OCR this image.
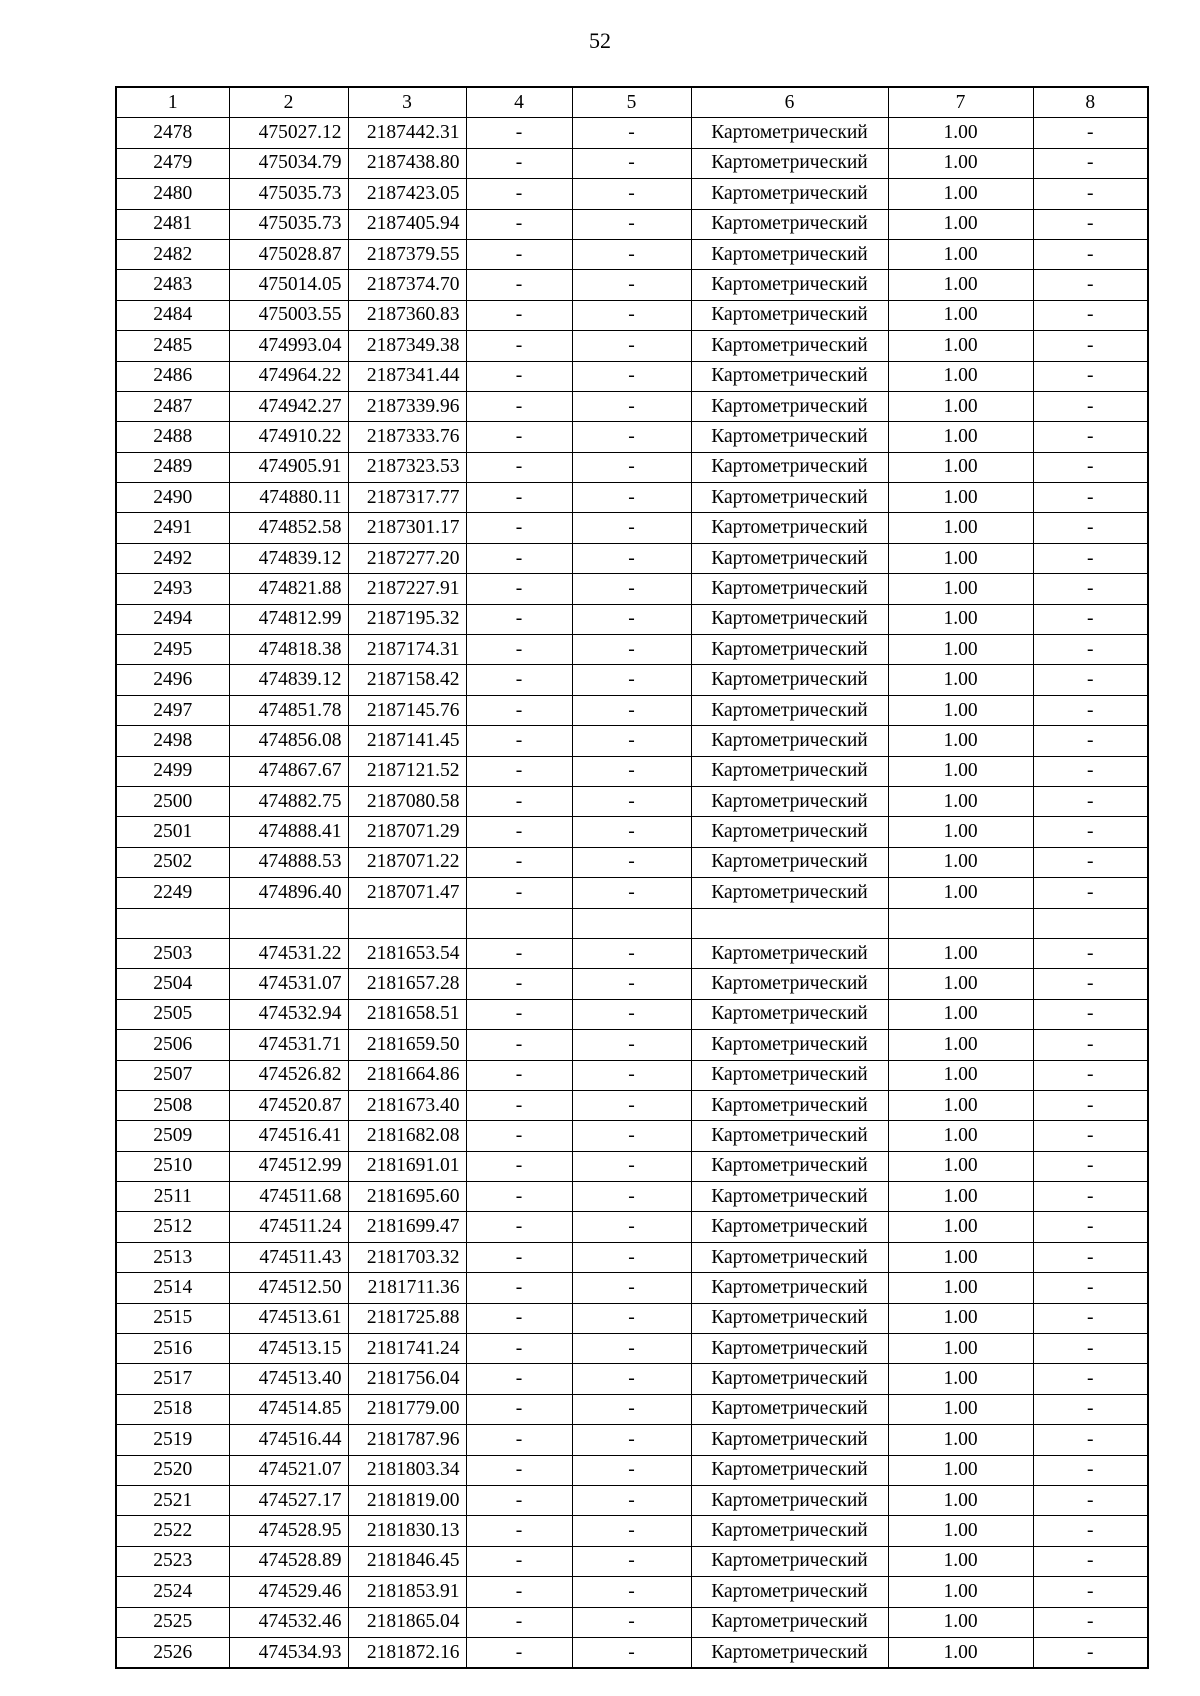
52
1	2	3	4	5	6	7	8
2478	475027.12	2187442.31	-	-	Картометрический	1.00	-
2479	475034.79	2187438.80	-	-	Картометрический	1.00	-
2480	475035.73	2187423.05	-	-	Картометрический	1.00	-
2481	475035.73	2187405.94	-	-	Картометрический	1.00	-
2482	475028.87	2187379.55	-	-	Картометрический	1.00	-
2483	475014.05	2187374.70	-	-	Картометрический	1.00	-
2484	475003.55	2187360.83	-	-	Картометрический	1.00	-
2485	474993.04	2187349.38	-	-	Картометрический	1.00	-
2486	474964.22	2187341.44	-	-	Картометрический	1.00	-
2487	474942.27	2187339.96	-	-	Картометрический	1.00	-
2488	474910.22	2187333.76	-	-	Картометрический	1.00	-
2489	474905.91	2187323.53	-	-	Картометрический	1.00	-
2490	474880.11	2187317.77	-	-	Картометрический	1.00	-
2491	474852.58	2187301.17	-	-	Картометрический	1.00	-
2492	474839.12	2187277.20	-	-	Картометрический	1.00	-
2493	474821.88	2187227.91	-	-	Картометрический	1.00	-
2494	474812.99	2187195.32	-	-	Картометрический	1.00	-
2495	474818.38	2187174.31	-	-	Картометрический	1.00	-
2496	474839.12	2187158.42	-	-	Картометрический	1.00	-
2497	474851.78	2187145.76	-	-	Картометрический	1.00	-
2498	474856.08	2187141.45	-	-	Картометрический	1.00	-
2499	474867.67	2187121.52	-	-	Картометрический	1.00	-
2500	474882.75	2187080.58	-	-	Картометрический	1.00	-
2501	474888.41	2187071.29	-	-	Картометрический	1.00	-
2502	474888.53	2187071.22	-	-	Картометрический	1.00	-
2249	474896.40	2187071.47	-	-	Картометрический	1.00	-

2503	474531.22	2181653.54	-	-	Картометрический	1.00	-
2504	474531.07	2181657.28	-	-	Картометрический	1.00	-
2505	474532.94	2181658.51	-	-	Картометрический	1.00	-
2506	474531.71	2181659.50	-	-	Картометрический	1.00	-
2507	474526.82	2181664.86	-	-	Картометрический	1.00	-
2508	474520.87	2181673.40	-	-	Картометрический	1.00	-
2509	474516.41	2181682.08	-	-	Картометрический	1.00	-
2510	474512.99	2181691.01	-	-	Картометрический	1.00	-
2511	474511.68	2181695.60	-	-	Картометрический	1.00	-
2512	474511.24	2181699.47	-	-	Картометрический	1.00	-
2513	474511.43	2181703.32	-	-	Картометрический	1.00	-
2514	474512.50	2181711.36	-	-	Картометрический	1.00	-
2515	474513.61	2181725.88	-	-	Картометрический	1.00	-
2516	474513.15	2181741.24	-	-	Картометрический	1.00	-
2517	474513.40	2181756.04	-	-	Картометрический	1.00	-
2518	474514.85	2181779.00	-	-	Картометрический	1.00	-
2519	474516.44	2181787.96	-	-	Картометрический	1.00	-
2520	474521.07	2181803.34	-	-	Картометрический	1.00	-
2521	474527.17	2181819.00	-	-	Картометрический	1.00	-
2522	474528.95	2181830.13	-	-	Картометрический	1.00	-
2523	474528.89	2181846.45	-	-	Картометрический	1.00	-
2524	474529.46	2181853.91	-	-	Картометрический	1.00	-
2525	474532.46	2181865.04	-	-	Картометрический	1.00	-
2526	474534.93	2181872.16	-	-	Картометрический	1.00	-
